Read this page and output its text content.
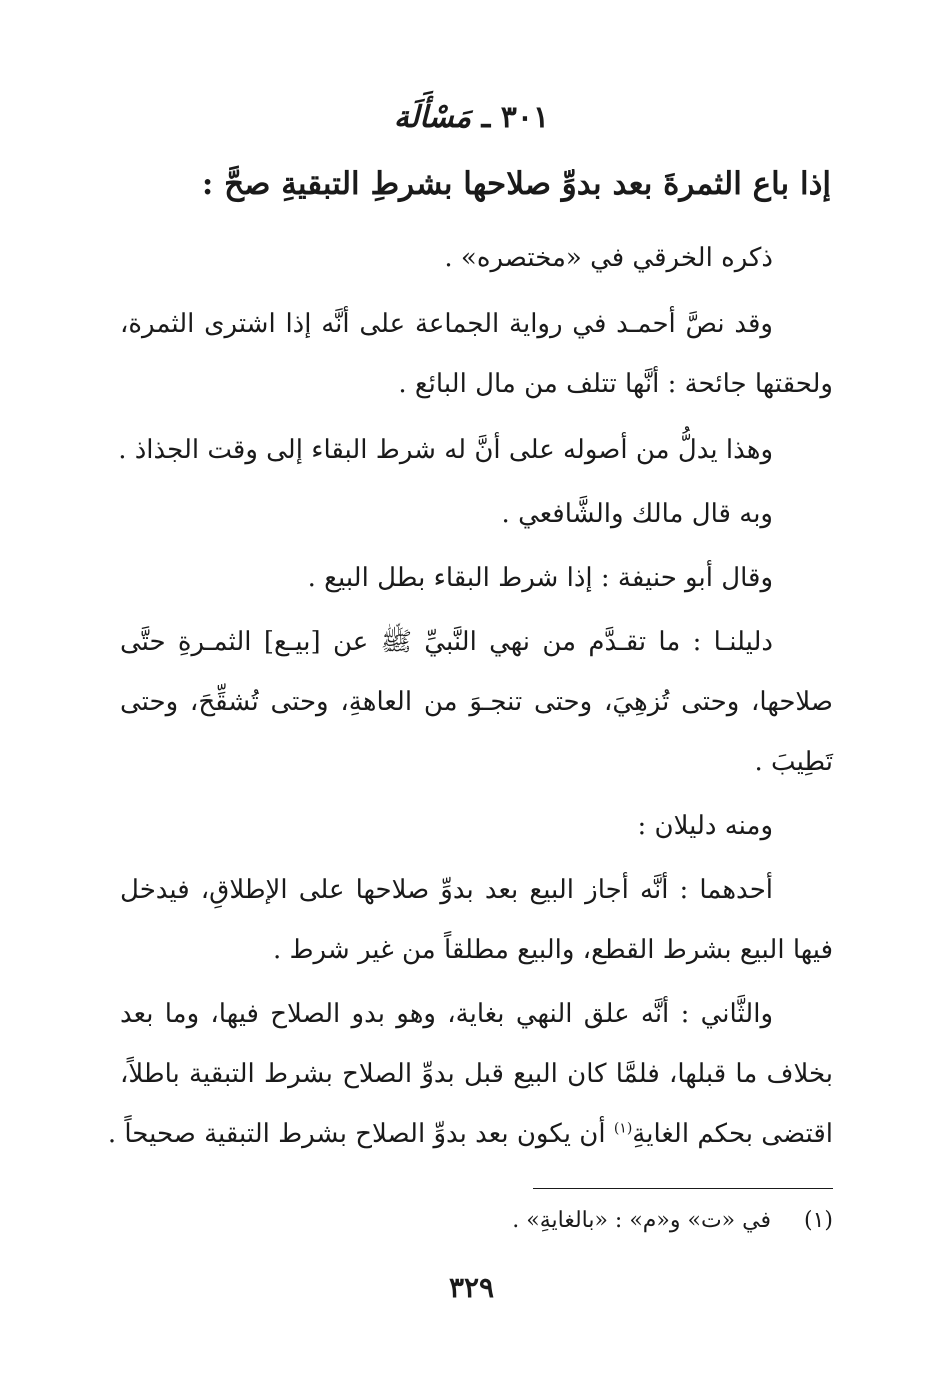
٣٠١ ـ مَسْأَلَة
إذا باع الثمرةَ بعد بدوِّ صلاحها بشرطِ التبقيةِ صحَّ :
ذكره الخرقي في «مختصره» .
وقد نصَّ أحمـد في رواية الجماعة على أنَّه إذا اشترى الثمرة،
ولحقتها جائحة : أنَّها تتلف من مال البائع .
وهذا يدلُّ من أصوله على أنَّ له شرط البقاء إلى وقت الجذاذ .
وبه قال مالك والشَّافعي .
وقال أبو حنيفة : إذا شرط البقاء بطل البيع .
دليلنـا : ما تقـدَّم من نهي النَّبيِّ ﷺ عن [بيـع] الثمـرةِ حتَّى
صلاحها، وحتى تُزهِيَ، وحتى تنجـوَ من العاهةِ، وحتى تُشقِّحَ، وحتى
تَطِيبَ .
ومنه دليلان :
أحدهما : أنَّه أجاز البيع بعد بدوِّ صلاحها على الإطلاقِ، فيدخل
فيها البيع بشرط القطع، والبيع مطلقاً من غير شرط .
والثَّاني : أنَّه علق النهي بغاية، وهو بدو الصلاح فيها، وما بعد
بخلاف ما قبلها، فلمَّا كان البيع قبل بدوِّ الصلاح بشرط التبقية باطلاً،
اقتضى بحكم الغايةِ$^{(١)}$ أن يكون بعد بدوِّ الصلاح بشرط التبقية صحيحاً .
(١) في «ت» و«م» : «بالغايةِ» .
٣٢٩
